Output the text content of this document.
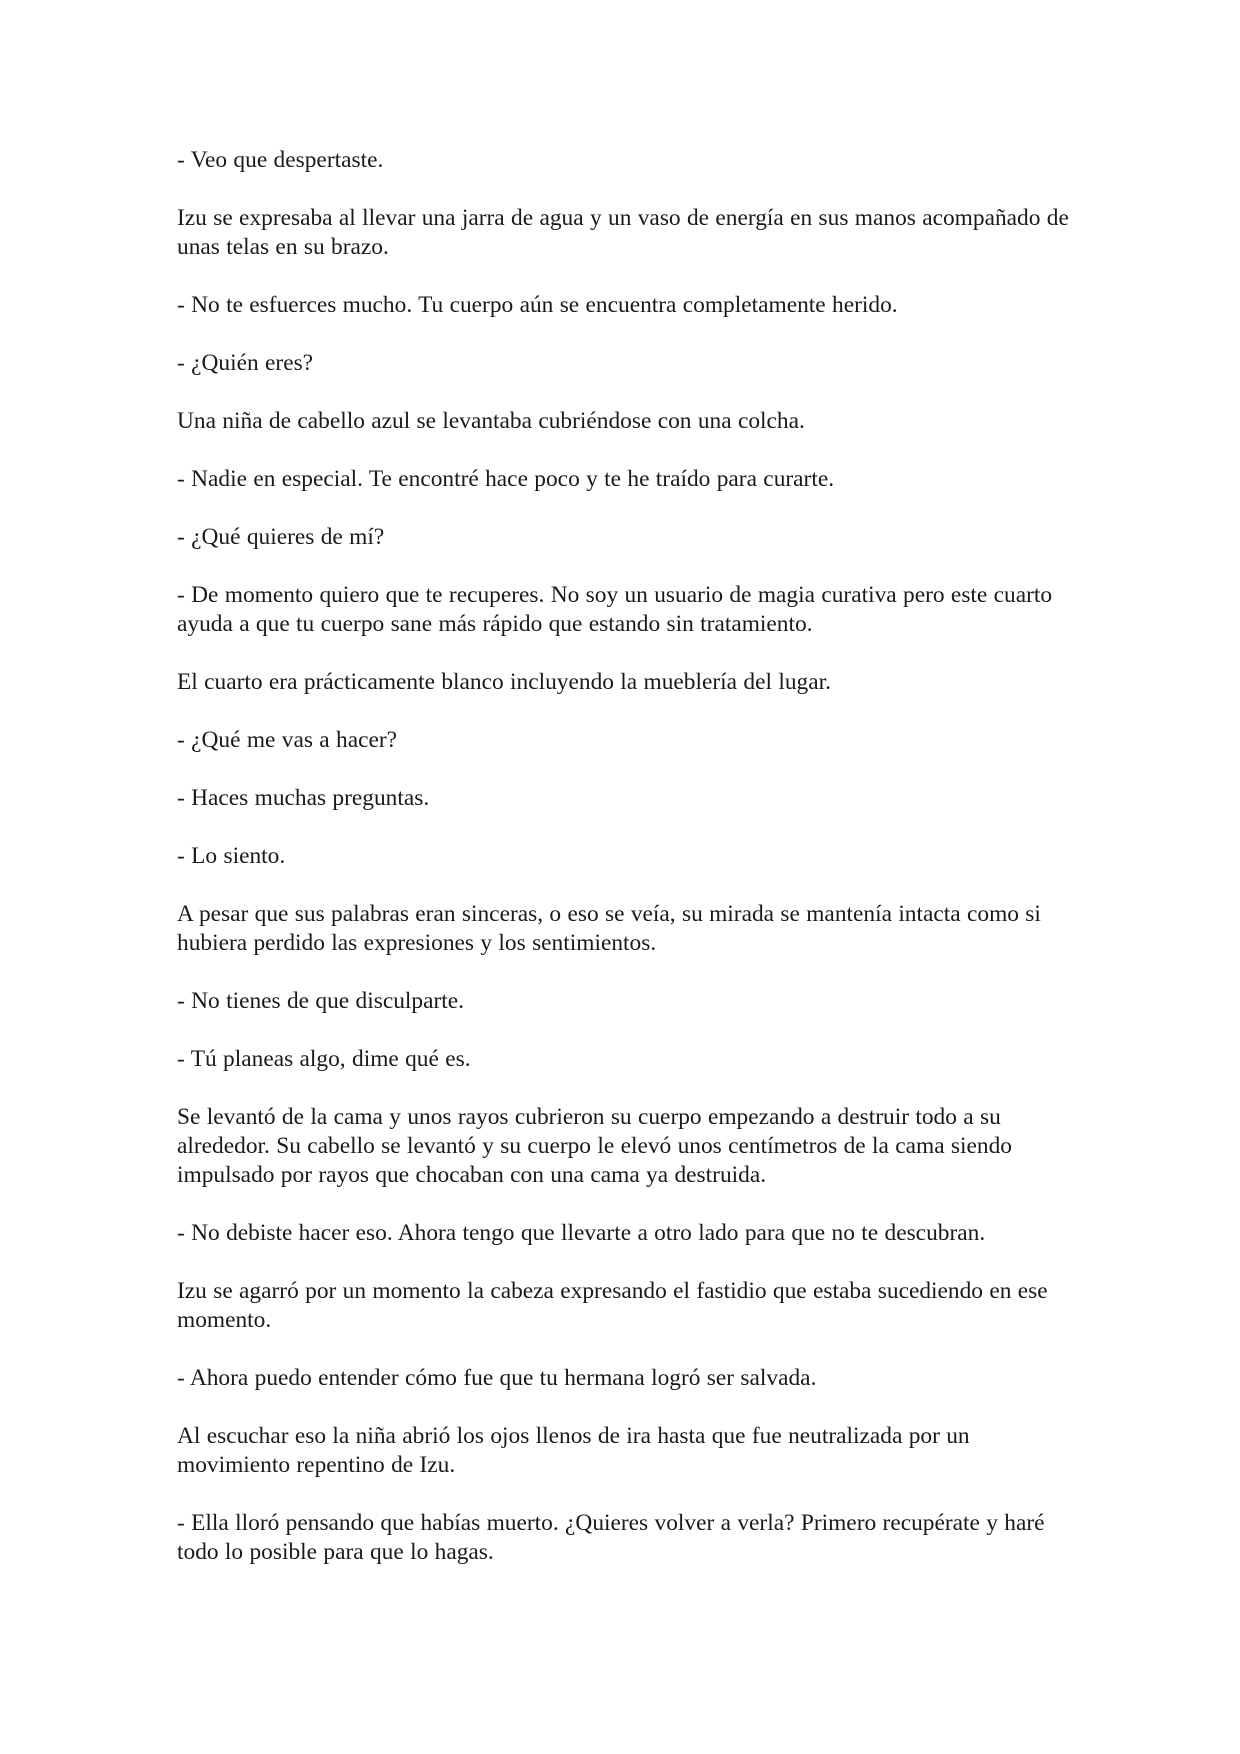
- Veo que despertaste.

Izu se expresaba al llevar una jarra de agua y un vaso de energía en sus manos acompañado de unas telas en su brazo.

- No te esfuerces mucho. Tu cuerpo aún se encuentra completamente herido.

- ¿Quién eres?

Una niña de cabello azul se levantaba cubriéndose con una colcha.

- Nadie en especial. Te encontré hace poco y te he traído para curarte.

- ¿Qué quieres de mí?

- De momento quiero que te recuperes. No soy un usuario de magia curativa pero este cuarto ayuda a que tu cuerpo sane más rápido que estando sin tratamiento.

El cuarto era prácticamente blanco incluyendo la mueblería del lugar.

- ¿Qué me vas a hacer?

- Haces muchas preguntas.

- Lo siento.

A pesar que sus palabras eran sinceras, o eso se veía, su mirada se mantenía intacta como si hubiera perdido las expresiones y los sentimientos.

- No tienes de que disculparte.

- Tú planeas algo, dime qué es.

Se levantó de la cama y unos rayos cubrieron su cuerpo empezando a destruir todo a su alrededor. Su cabello se levantó y su cuerpo le elevó unos centímetros de la cama siendo impulsado por rayos que chocaban con una cama ya destruida.

- No debiste hacer eso. Ahora tengo que llevarte a otro lado para que no te descubran.

Izu se agarró por un momento la cabeza expresando el fastidio que estaba sucediendo en ese momento.

- Ahora puedo entender cómo fue que tu hermana logró ser salvada.

Al escuchar eso la niña abrió los ojos llenos de ira hasta que fue neutralizada por un movimiento repentino de Izu.

- Ella lloró pensando que habías muerto. ¿Quieres volver a verla? Primero recupérate y haré todo lo posible para que lo hagas.
